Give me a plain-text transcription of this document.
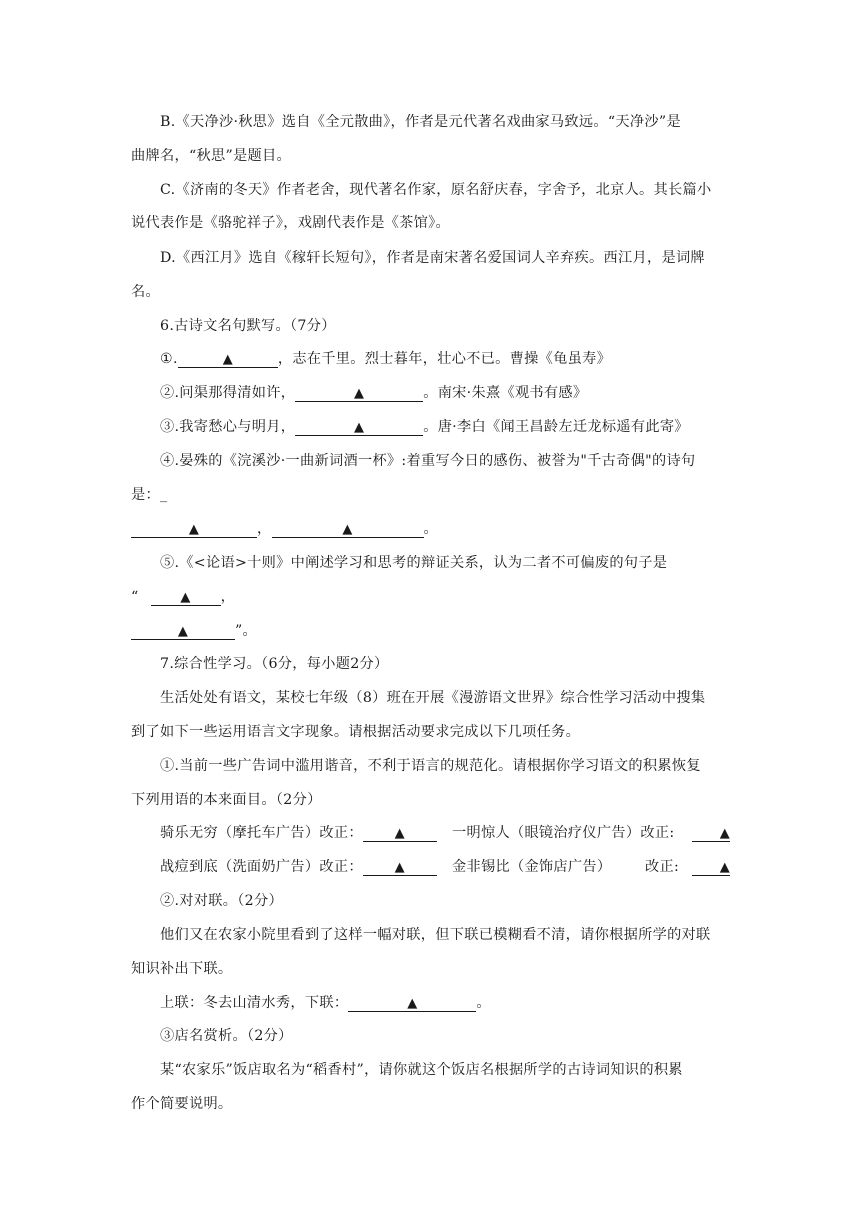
B.《天净沙·秋思》选自《全元散曲》，作者是元代著名戏曲家马致远。“天净沙”是
曲牌名，“秋思”是题目。
C.《济南的冬天》作者老舍，现代著名作家，原名舒庆春，字舍予，北京人。其长篇小
说代表作是《骆驼祥子》，戏剧代表作是《茶馆》。
D.《西江月》选自《稼轩长短句》，作者是南宋著名爱国词人辛弃疾。西江月，是词牌
名。
6.古诗文名句默写。（7分）
①.	▲	，志在千里。烈士暮年，壮心不已。曹操《龟虽寿》
②.问渠那得清如许，	▲	。南宋·朱熹《观书有感》
③.我寄愁心与明月，	▲	。唐·李白《闻王昌龄左迁龙标遥有此寄》
④.晏殊的《浣溪沙·一曲新词酒一杯》:着重写今日的感伤、被誉为"千古奇偶"的诗句
是：_
▲	，	▲	。
⑤.《<论语>十则》中阐述学习和思考的辩证关系，认为二者不可偏废的句子是
“	▲ ，
▲	”。
7.综合性学习。（6分，每小题2分）
生活处处有语文，某校七年级（8）班在开展《漫游语文世界》综合性学习活动中搜集
到了如下一些运用语言文字现象。请根据活动要求完成以下几项任务。
①.当前一些广告词中滥用谐音，不利于语言的规范化。请根据你学习语文的积累恢复
下列用语的本来面目。（2分）
骑乐无穷（摩托车广告）改正： ▲	一明惊人（眼镜治疗仪广告）改正:	▲
战痘到底（洗面奶广告）改正： ▲	金非锡比（金饰店广告） 改正:	▲
②.对对联。（2分）
他们又在农家小院里看到了这样一幅对联，但下联已模糊看不清，请你根据所学的对联
知识补出下联。
上联：冬去山清水秀，下联：	▲	。
③店名赏析。（2分）
某“农家乐”饭店取名为“稻香村”，请你就这个饭店名根据所学的古诗词知识的积累
作个简要说明。
